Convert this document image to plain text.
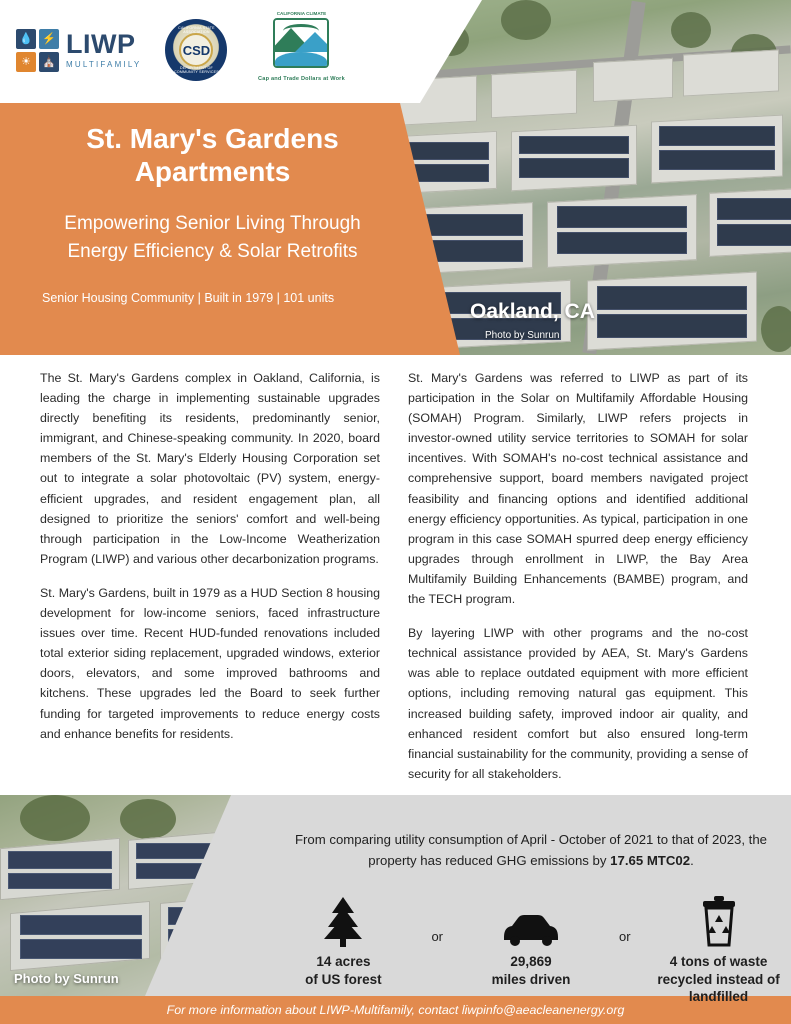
💧 ⚡
☀	⛪
LIWP
MULTIFAMILY
CALIFORNIA STATE ASSOCIATION
CSD
DEPARTMENT OF COMMUNITY SERVICES
CALIFORNIA CLIMATE
Cap and Trade Dollars at Work
St. Mary's Gardens Apartments
Empowering Senior Living Through Energy Efficiency & Solar Retrofits
Senior Housing Community | Built in 1979 | 101 units
Oakland, CA
Photo by Sunrun

The St. Mary's Gardens complex in Oakland, California, is leading the charge in implementing sustainable upgrades directly benefiting its residents, predominantly senior, immigrant, and Chinese-speaking community. In 2020, board members of the St. Mary's Elderly Housing Corporation set out to integrate a solar photovoltaic (PV) system, energy-efficient upgrades, and resident engagement plan, all designed to prioritize the seniors' comfort and well-being through participation in the Low-Income Weatherization Program (LIWP) and various other decarbonization programs.

St. Mary's Gardens, built in 1979 as a HUD Section 8 housing development for low-income seniors, faced infrastructure issues over time. Recent HUD-funded renovations included total exterior siding replacement, upgraded windows, exterior doors, elevators, and some improved bathrooms and kitchens. These upgrades led the Board to seek further funding for targeted improvements to reduce energy costs and enhance benefits for residents.

St. Mary's Gardens was referred to LIWP as part of its participation in the Solar on Multifamily Affordable Housing (SOMAH) Program. Similarly, LIWP refers projects in investor-owned utility service territories to SOMAH for solar incentives. With SOMAH's no-cost technical assistance and comprehensive support, board members navigated project feasibility and financing options and identified additional energy efficiency opportunities. As typical, participation in one program in this case SOMAH spurred deep energy efficiency upgrades through enrollment in LIWP, the Bay Area Multifamily Building Enhancements (BAMBE) program, and the TECH program.

By layering LIWP with other programs and the no-cost technical assistance provided by AEA, St. Mary's Gardens was able to replace outdated equipment with more efficient options, including removing natural gas equipment. This increased building safety, improved indoor air quality, and enhanced resident comfort but also ensured long-term financial sustainability for the community, providing a sense of security for all stakeholders.

Photo by Sunrun
From comparing utility consumption of April - October of 2021 to that of 2023, the property has reduced GHG emissions by 17.65 MTC02.
14 acres
of US forest
or
29,869
miles driven
or
4 tons of waste recycled instead of landfilled
For more information about LIWP-Multifamily, contact liwpinfo@aeacleanenergy.org
